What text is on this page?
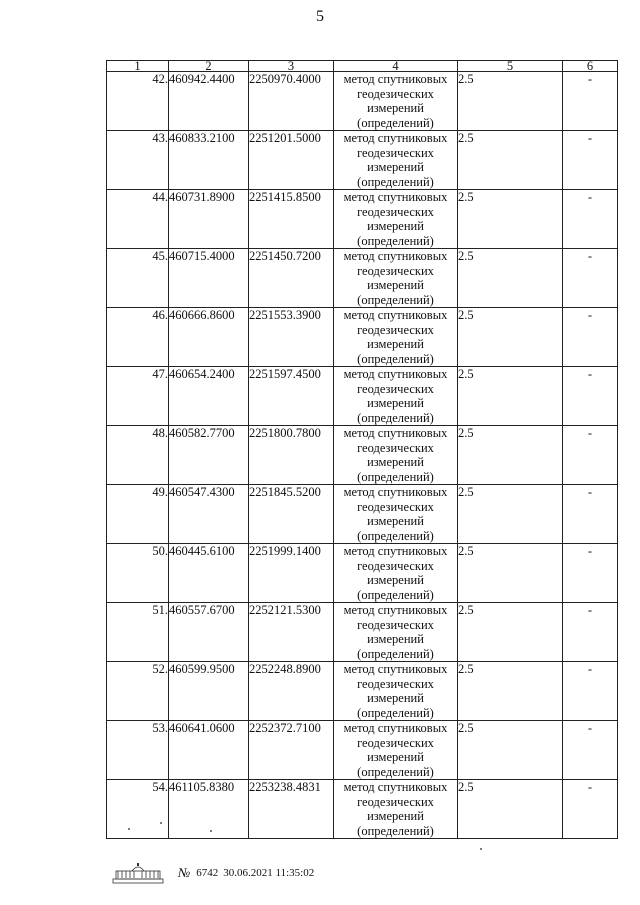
5
1	2	3	4	5	6
42.	460942.4400	2250970.4000	метод спутниковых геодезических измерений (определений)	2.5	-
43.	460833.2100	2251201.5000	метод спутниковых геодезических измерений (определений)	2.5	-
44.	460731.8900	2251415.8500	метод спутниковых геодезических измерений (определений)	2.5	-
45.	460715.4000	2251450.7200	метод спутниковых геодезических измерений (определений)	2.5	-
46.	460666.8600	2251553.3900	метод спутниковых геодезических измерений (определений)	2.5	-
47.	460654.2400	2251597.4500	метод спутниковых геодезических измерений (определений)	2.5	-
48.	460582.7700	2251800.7800	метод спутниковых геодезических измерений (определений)	2.5	-
49.	460547.4300	2251845.5200	метод спутниковых геодезических измерений (определений)	2.5	-
50.	460445.6100	2251999.1400	метод спутниковых геодезических измерений (определений)	2.5	-
51.	460557.6700	2252121.5300	метод спутниковых геодезических измерений (определений)	2.5	-
52.	460599.9500	2252248.8900	метод спутниковых геодезических измерений (определений)	2.5	-
53.	460641.0600	2252372.7100	метод спутниковых геодезических измерений (определений)	2.5	-
54.	461105.8380	2253238.4831	метод спутниковых геодезических измерений (определений)	2.5	-
№ 6742 30.06.2021 11:35:02
